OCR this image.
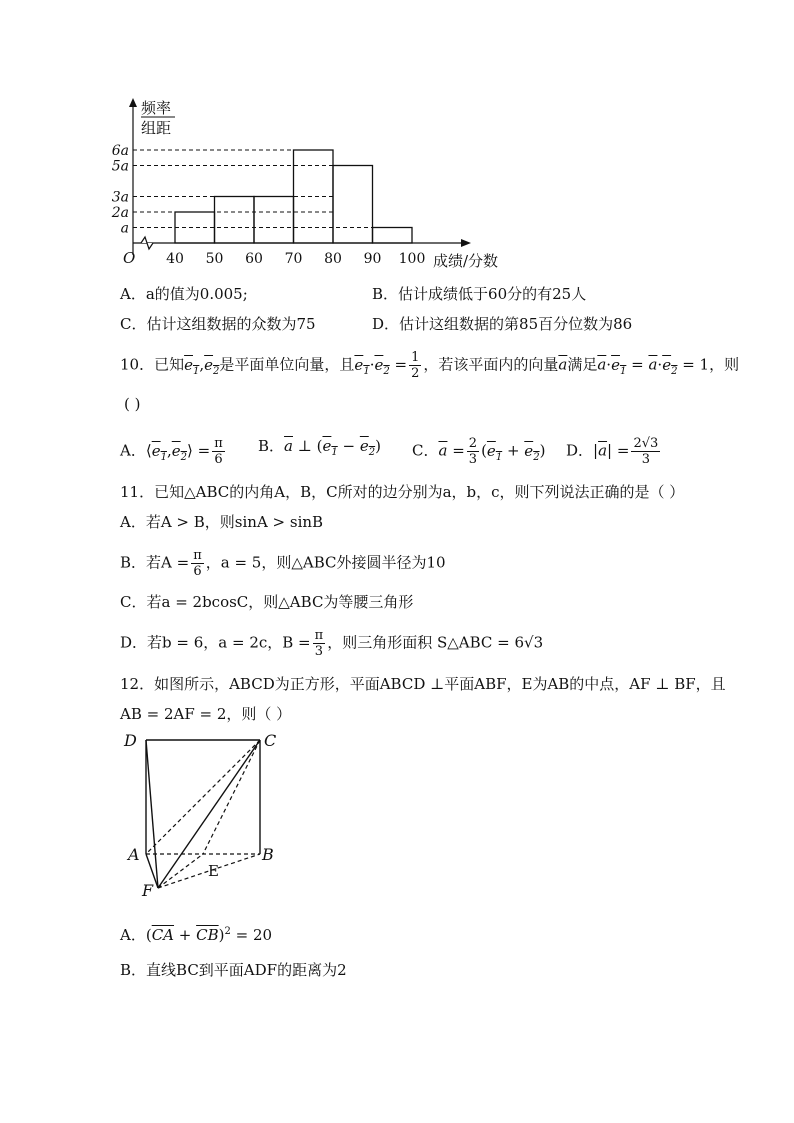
频率
组距
O	成绩/分数
6a
5a
3a
2a
a
40 50 60 70 80 90 100
A．a的值为0.005;	B．估计成绩低于60分的有25人
C．估计这组数据的众数为75	D．估计这组数据的第85百分位数为86
10．已知$e_1,e_2$是平面单位向量，且$e_1\cdot e_2 = \frac{1}{2}$ ，若该平面内的向量$\overline{a}$满足$\overline{a}\cdot e_1 = \overline{a}\cdot e_2 = 1$，则
( )
A．$⟨e_1,e_2⟩ = \frac{\pi}{6}$ B．$\overline{a}$ ⊥ $(e_1 - e_2)$ C．$\overline{a} = \frac{2}{3} (e_1 + e_2)$ D．$|\overline{a}| = \frac{2√3}{3}$
11．已知△ABC的内角A，B，C所对的边分别为a，b，c，则下列说法正确的是（ ）
A．若A > B，则sinA > sinB
B．若$A = \frac{\pi}{6}$ ，a = 5，则△ABC外接圆半径为10
C．若a = 2bcosC，则△ABC为等腰三角形
D．若b = 6，a = 2c，$B = \frac{\pi}{3}$ ，则三角形面积 S△ABC = 6√3
12．如图所示，ABCD为正方形，平面ABCD ⊥平面ABF，E为AB的中点，AF ⊥ BF，且
AB = 2AF = 2，则（ ）
D	C
A	B
E
F
A．$(\overline{CA} + \overline{CB})^2 = 20$
B．直线BC到平面ADF的距离为2
